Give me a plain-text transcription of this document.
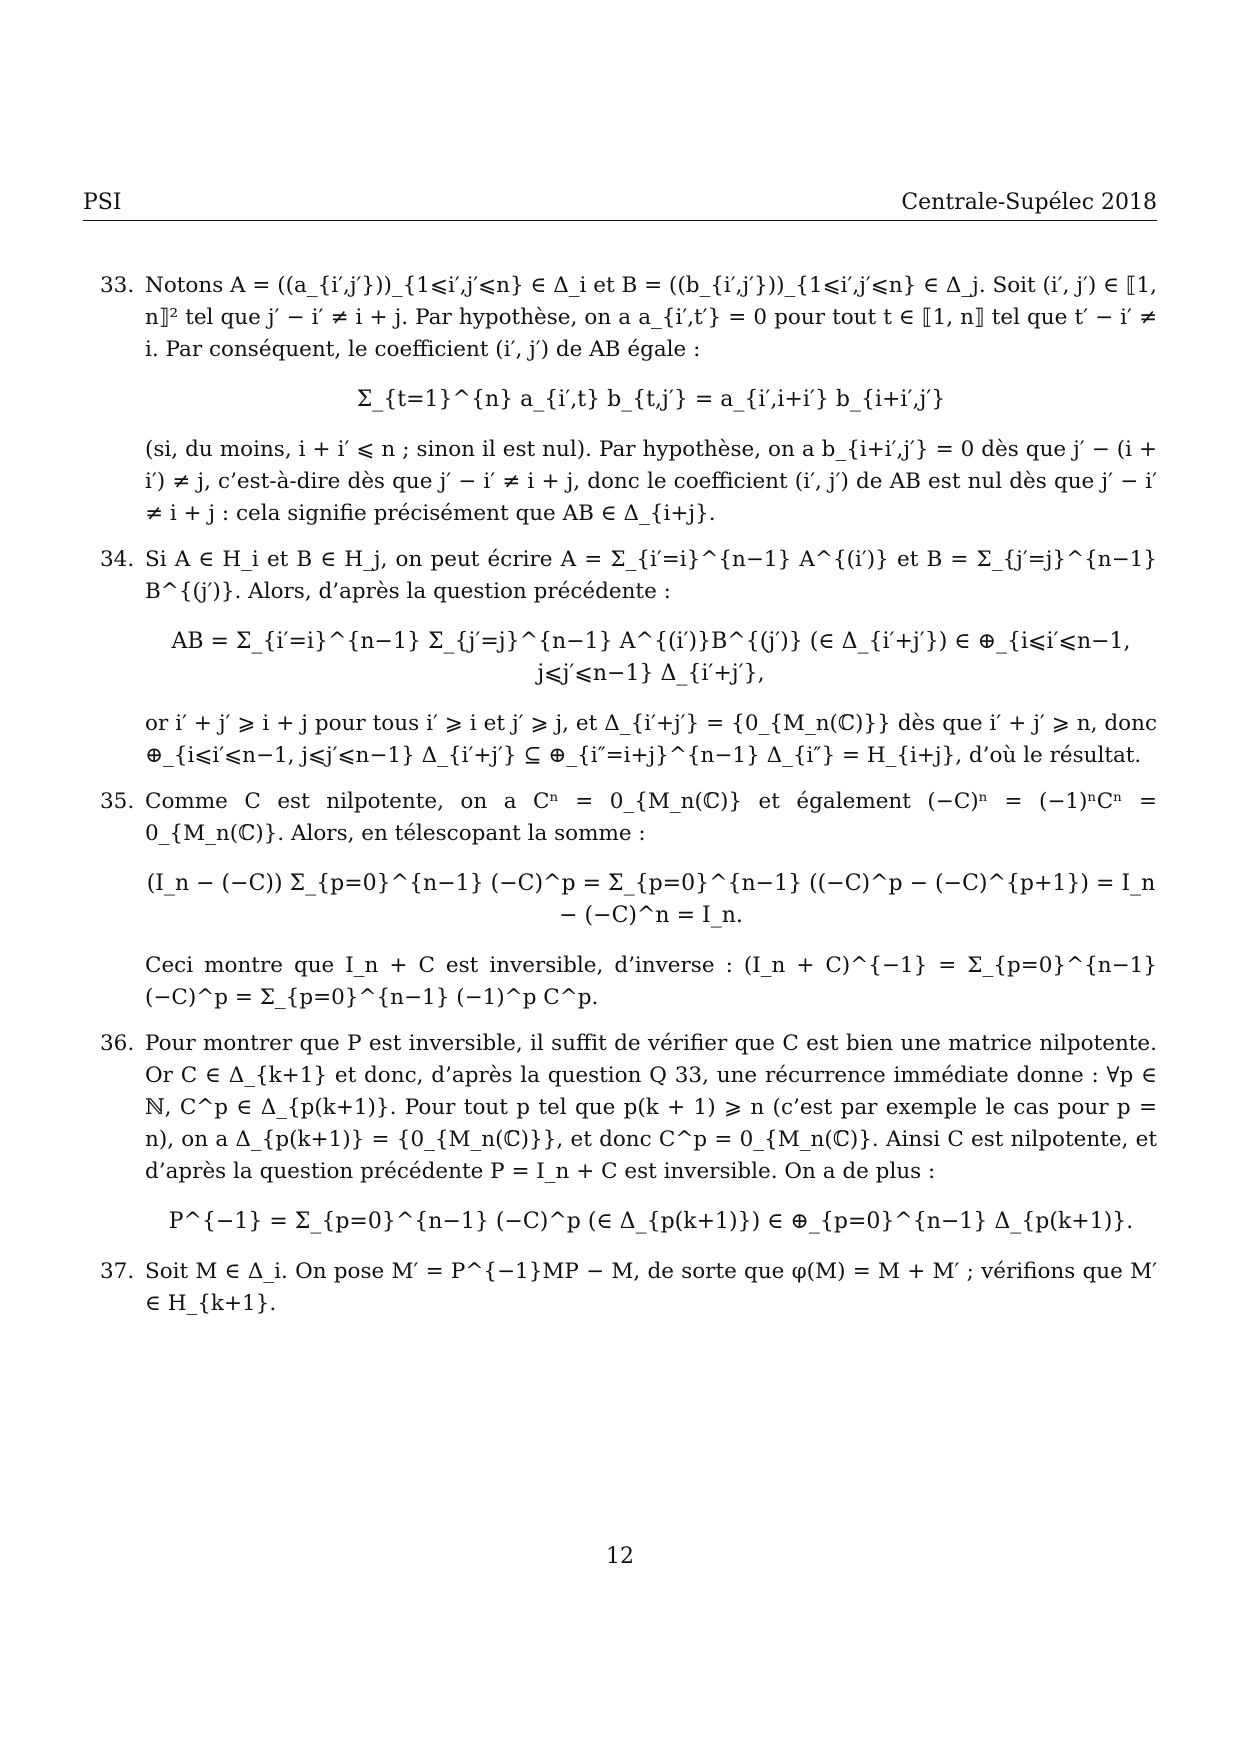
PSI	Centrale-Supélec 2018
33. Notons A = ((a_{i′,j′}))_{1⩽i′,j′⩽n} ∈ Δ_i et B = ((b_{i′,j′}))_{1⩽i′,j′⩽n} ∈ Δ_j. Soit (i′, j′) ∈ ⟦1, n⟧² tel que j′ − i′ ≠ i + j. Par hypothèse, on a a_{i′,t′} = 0 pour tout t ∈ ⟦1, n⟧ tel que t′ − i′ ≠ i. Par conséquent, le coefficient (i′, j′) de AB égale :
Σ_{t=1}^{n} a_{i′,t} b_{t,j′} = a_{i′,i+i′} b_{i+i′,j′}
(si, du moins, i + i′ ⩽ n ; sinon il est nul). Par hypothèse, on a b_{i+i′,j′} = 0 dès que j′ − (i + i′) ≠ j, c’est-à-dire dès que j′ − i′ ≠ i + j, donc le coefficient (i′, j′) de AB est nul dès que j′ − i′ ≠ i + j : cela signifie précisément que AB ∈ Δ_{i+j}.
34. Si A ∈ H_i et B ∈ H_j, on peut écrire A = Σ_{i′=i}^{n−1} A^{(i′)} et B = Σ_{j′=j}^{n−1} B^{(j′)}. Alors, d’après la question précédente :
AB = Σ_{i′=i}^{n−1} Σ_{j′=j}^{n−1} A^{(i′)}B^{(j′)} (∈ Δ_{i′+j′}) ∈ ⊕_{i⩽i′⩽n−1, j⩽j′⩽n−1} Δ_{i′+j′},
or i′ + j′ ⩾ i + j pour tous i′ ⩾ i et j′ ⩾ j, et Δ_{i′+j′} = {0_{M_n(ℂ)}} dès que i′ + j′ ⩾ n, donc ⊕_{i⩽i′⩽n−1, j⩽j′⩽n−1} Δ_{i′+j′} ⊆ ⊕_{i″=i+j}^{n−1} Δ_{i″} = H_{i+j}, d’où le résultat.
35. Comme C est nilpotente, on a Cⁿ = 0_{M_n(ℂ)} et également (−C)ⁿ = (−1)ⁿCⁿ = 0_{M_n(ℂ)}. Alors, en télescopant la somme :
(I_n − (−C)) Σ_{p=0}^{n−1} (−C)^p = Σ_{p=0}^{n−1} ((−C)^p − (−C)^{p+1}) = I_n − (−C)^n = I_n.
Ceci montre que I_n + C est inversible, d’inverse : (I_n + C)^{−1} = Σ_{p=0}^{n−1} (−C)^p = Σ_{p=0}^{n−1} (−1)^p C^p.
36. Pour montrer que P est inversible, il suffit de vérifier que C est bien une matrice nilpotente. Or C ∈ Δ_{k+1} et donc, d’après la question Q 33, une récurrence immédiate donne : ∀p ∈ ℕ, C^p ∈ Δ_{p(k+1)}. Pour tout p tel que p(k + 1) ⩾ n (c’est par exemple le cas pour p = n), on a Δ_{p(k+1)} = {0_{M_n(ℂ)}}, et donc C^p = 0_{M_n(ℂ)}. Ainsi C est nilpotente, et d’après la question précédente P = I_n + C est inversible. On a de plus :
P^{−1} = Σ_{p=0}^{n−1} (−C)^p (∈ Δ_{p(k+1)}) ∈ ⊕_{p=0}^{n−1} Δ_{p(k+1)}.
37. Soit M ∈ Δ_i. On pose M′ = P^{−1}MP − M, de sorte que φ(M) = M + M′ ; vérifions que M′ ∈ H_{k+1}.
12
